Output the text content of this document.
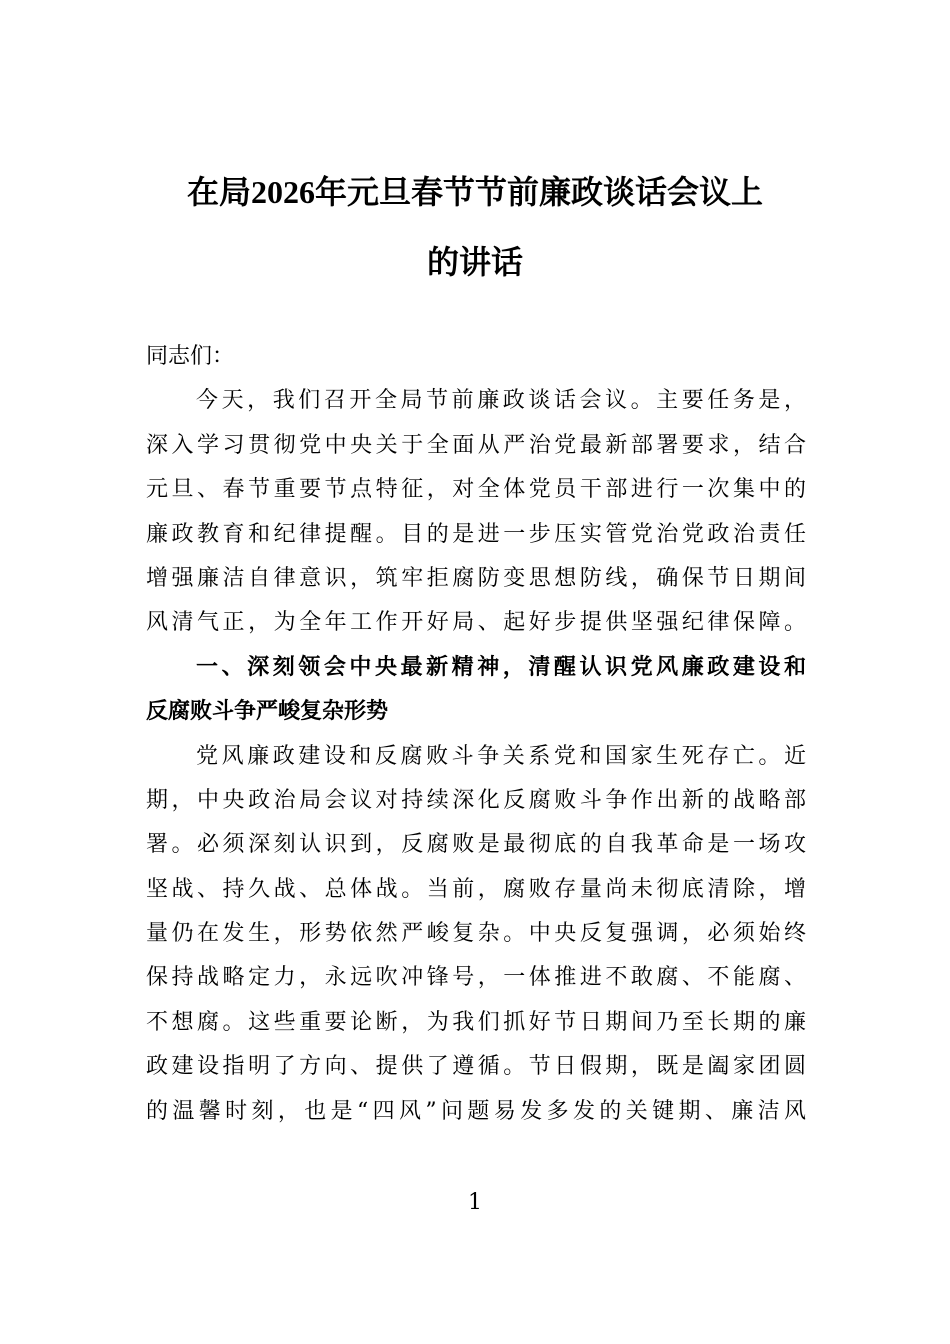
在局2026年元旦春节节前廉政谈话会议上
的讲话
同志们：
今天，我们召开全局节前廉政谈话会议。主要任务是，
深入学习贯彻党中央关于全面从严治党最新部署要求，结合
元旦、春节重要节点特征，对全体党员干部进行一次集中的
廉政教育和纪律提醒。目的是进一步压实管党治党政治责任
增强廉洁自律意识，筑牢拒腐防变思想防线，确保节日期间
风清气正，为全年工作开好局、起好步提供坚强纪律保障。
一、深刻领会中央最新精神，清醒认识党风廉政建设和
反腐败斗争严峻复杂形势
党风廉政建设和反腐败斗争关系党和国家生死存亡。近
期，中央政治局会议对持续深化反腐败斗争作出新的战略部
署。必须深刻认识到，反腐败是最彻底的自我革命是一场攻
坚战、持久战、总体战。当前，腐败存量尚未彻底清除，增
量仍在发生，形势依然严峻复杂。中央反复强调，必须始终
保持战略定力，永远吹冲锋号，一体推进不敢腐、不能腐、
不想腐。这些重要论断，为我们抓好节日期间乃至长期的廉
政建设指明了方向、提供了遵循。节日假期，既是阖家团圆
的温馨时刻，也是“四风”问题易发多发的关键期、廉洁风
1
